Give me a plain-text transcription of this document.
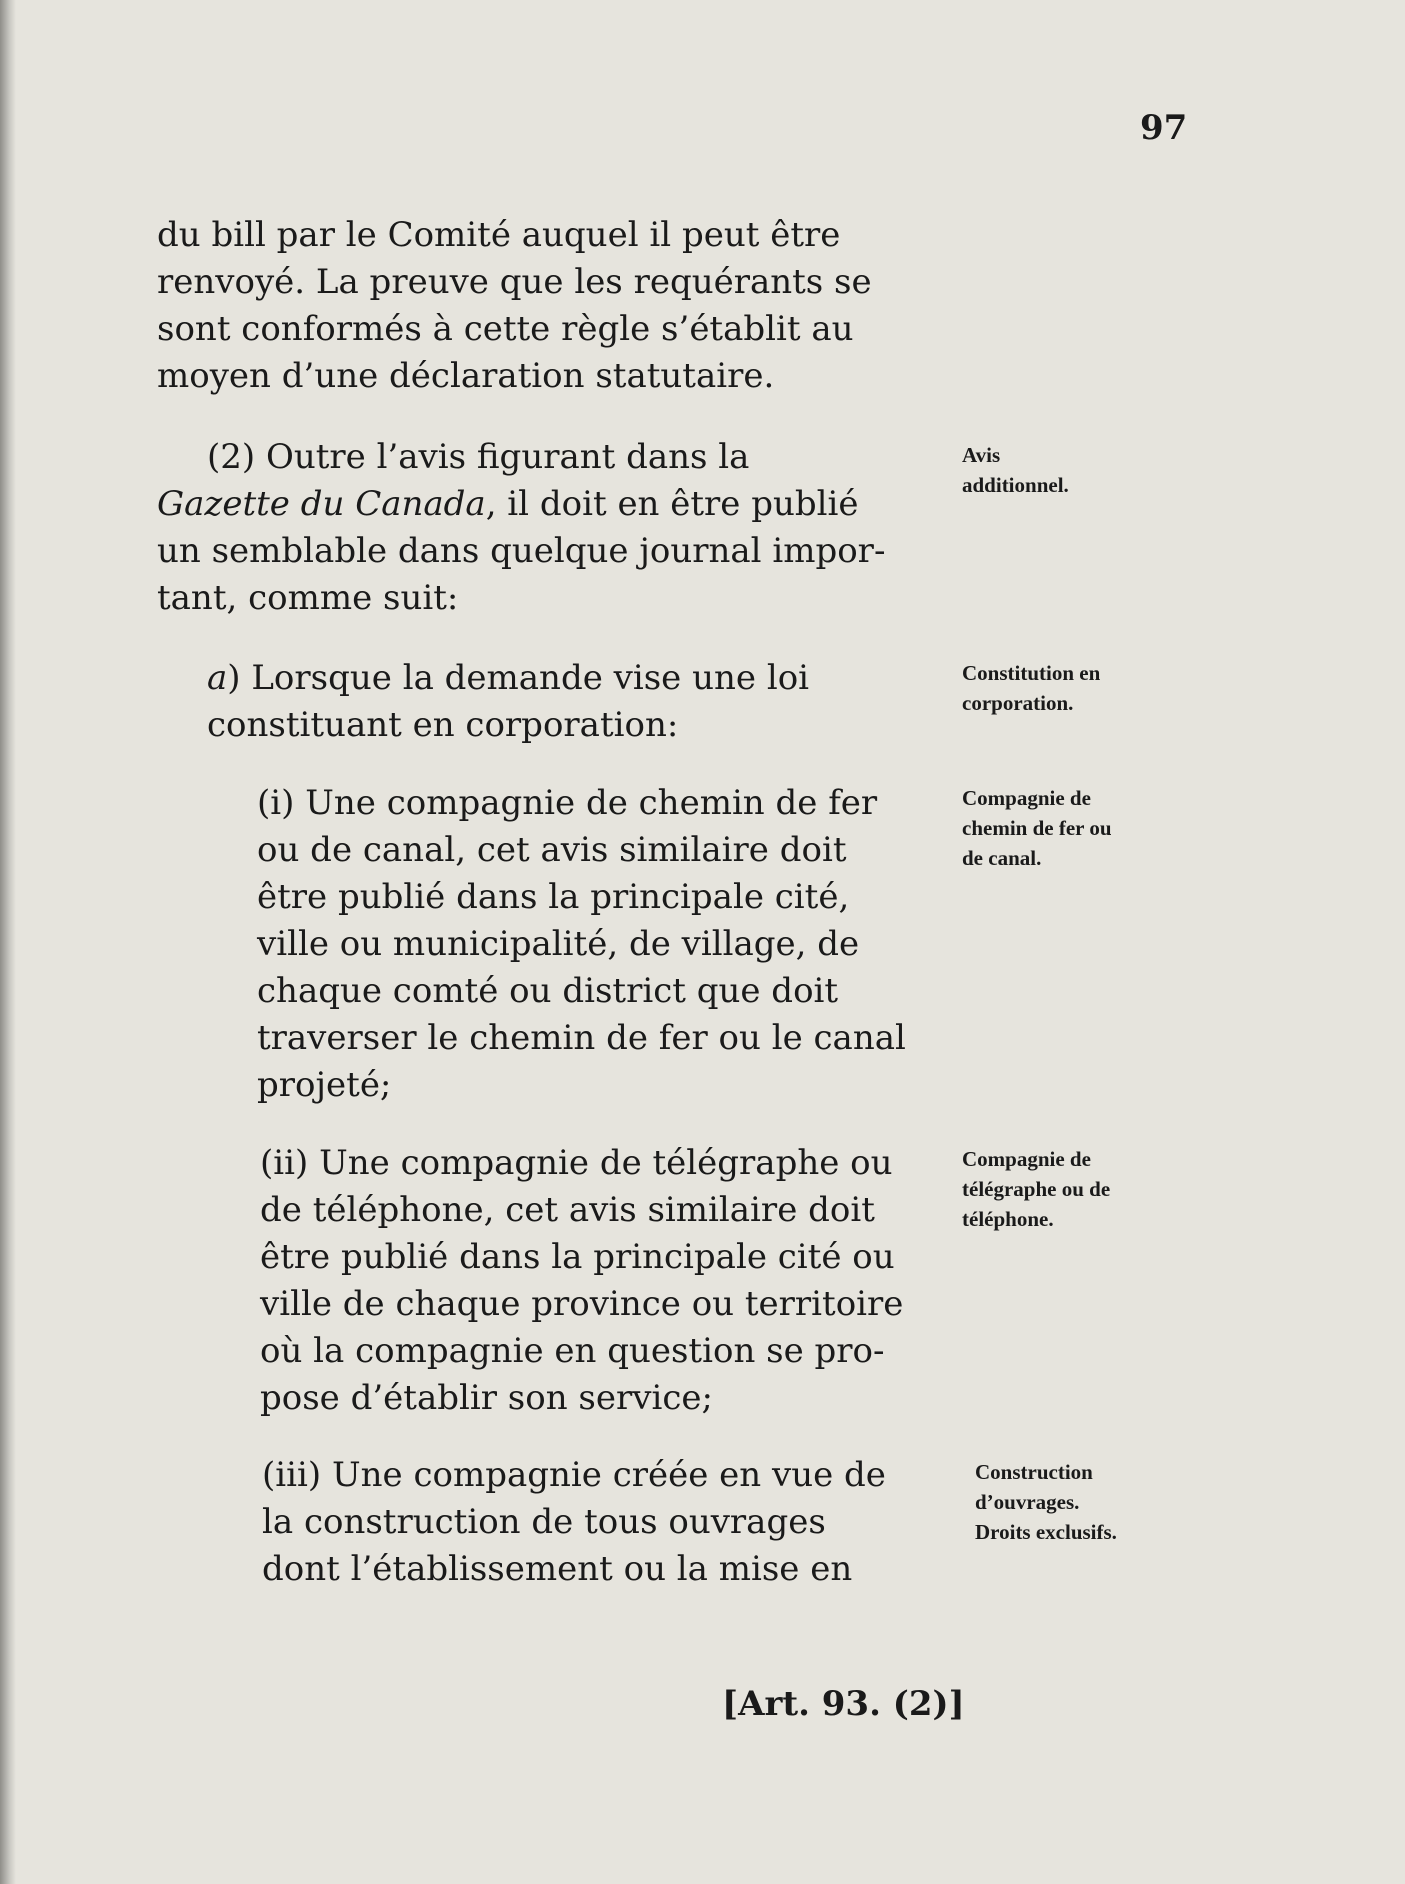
97
du bill par le Comité auquel il peut être
renvoyé. La preuve que les requérants se
sont conformés à cette règle s’établit au
moyen d’une déclaration statutaire.
(2) Outre l’avis figurant dans la
Gazette du Canada, il doit en être publié
un semblable dans quelque journal impor-
tant, comme suit:
a) Lorsque la demande vise une loi
constituant en corporation:
(i) Une compagnie de chemin de fer
ou de canal, cet avis similaire doit
être publié dans la principale cité,
ville ou municipalité, de village, de
chaque comté ou district que doit
traverser le chemin de fer ou le canal
projeté;
(ii) Une compagnie de télégraphe ou
de téléphone, cet avis similaire doit
être publié dans la principale cité ou
ville de chaque province ou territoire
où la compagnie en question se pro-
pose d’établir son service;
(iii) Une compagnie créée en vue de
la construction de tous ouvrages
dont l’établissement ou la mise en
Avis
additionnel.
Constitution en
corporation.
Compagnie de
chemin de fer ou
de canal.
Compagnie de
télégraphe ou de
téléphone.
Construction
d’ouvrages.
Droits exclusifs.
[Art. 93. (2)]
